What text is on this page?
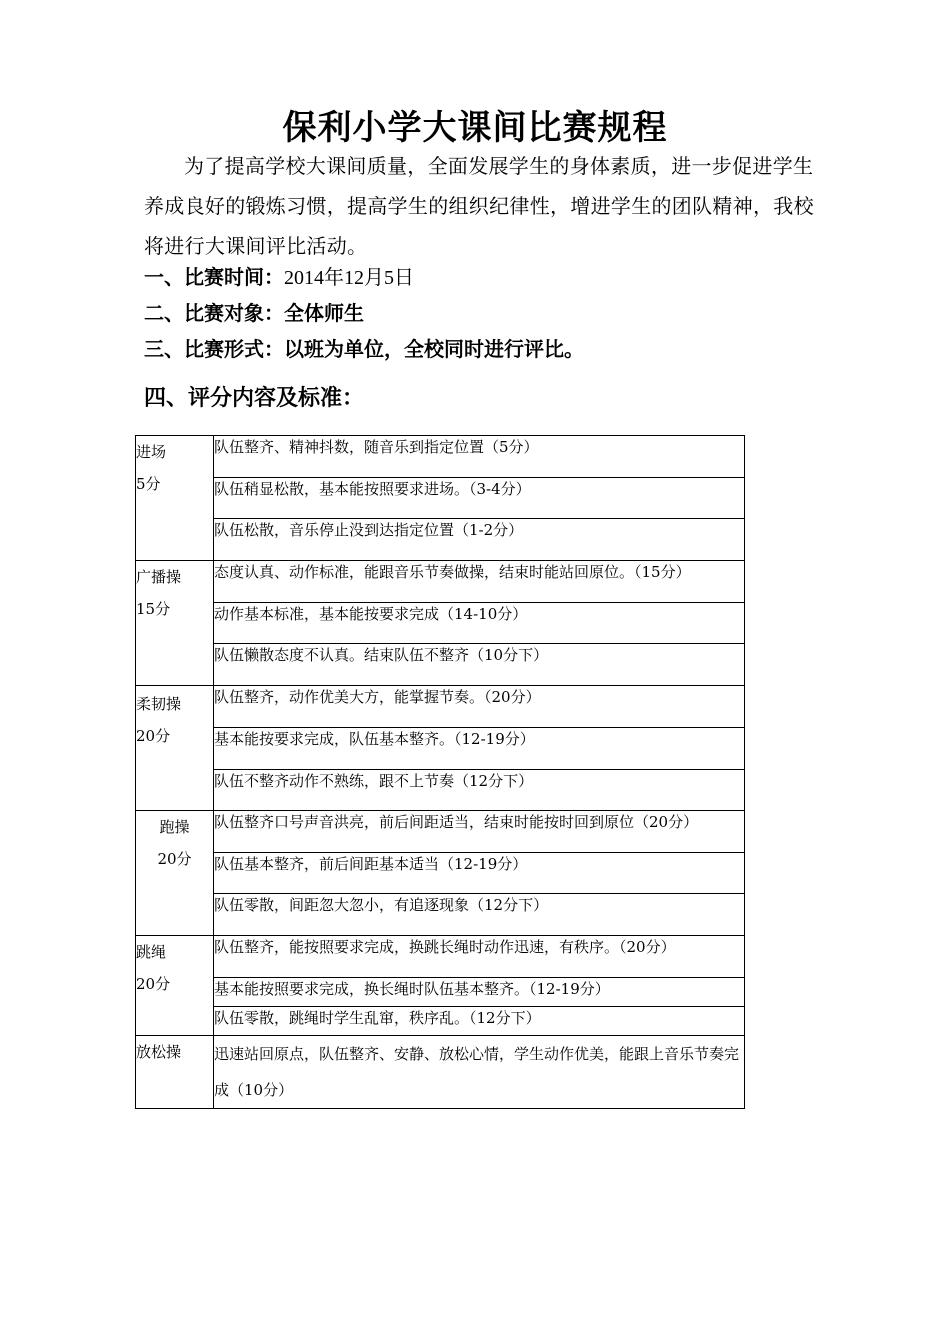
保利小学大课间比赛规程

为了提高学校大课间质量，全面发展学生的身体素质，进一步促进学生养成良好的锻炼习惯，提高学生的组织纪律性，增进学生的团队精神，我校将进行大课间评比活动。

一、比赛时间：2014年12月5日
二、比赛对象：全体师生
三、比赛形式：以班为单位，全校同时进行评比。
四、评分内容及标准：
进场
5分	队伍整齐、精神抖数，随音乐到指定位置（5分）
	队伍稍显松散，基本能按照要求进场。（3-4分）
	队伍松散，音乐停止没到达指定位置（1-2分）

广播操
15分	态度认真、动作标准，能跟音乐节奏做操，结束时能站回原位。（15分）
	动作基本标准，基本能按要求完成（14-10分）
	队伍懒散态度不认真。结束队伍不整齐（10分下）

柔韧操
20分	队伍整齐，动作优美大方，能掌握节奏。（20分）
	基本能按要求完成，队伍基本整齐。（12-19分）
	队伍不整齐动作不熟练，跟不上节奏（12分下）

跑操
20分	队伍整齐口号声音洪亮，前后间距适当，结束时能按时回到原位（20分）
	队伍基本整齐，前后间距基本适当（12-19分）
	队伍零散，间距忽大忽小，有追逐现象（12分下）

跳绳
20分	队伍整齐，能按照要求完成，换跳长绳时动作迅速，有秩序。（20分）
	基本能按照要求完成，换长绳时队伍基本整齐。（12-19分）
	队伍零散，跳绳时学生乱窜，秩序乱。（12分下）

放松操	迅速站回原点，队伍整齐、安静、放松心情，学生动作优美，能跟上音乐节奏完成（10分）
